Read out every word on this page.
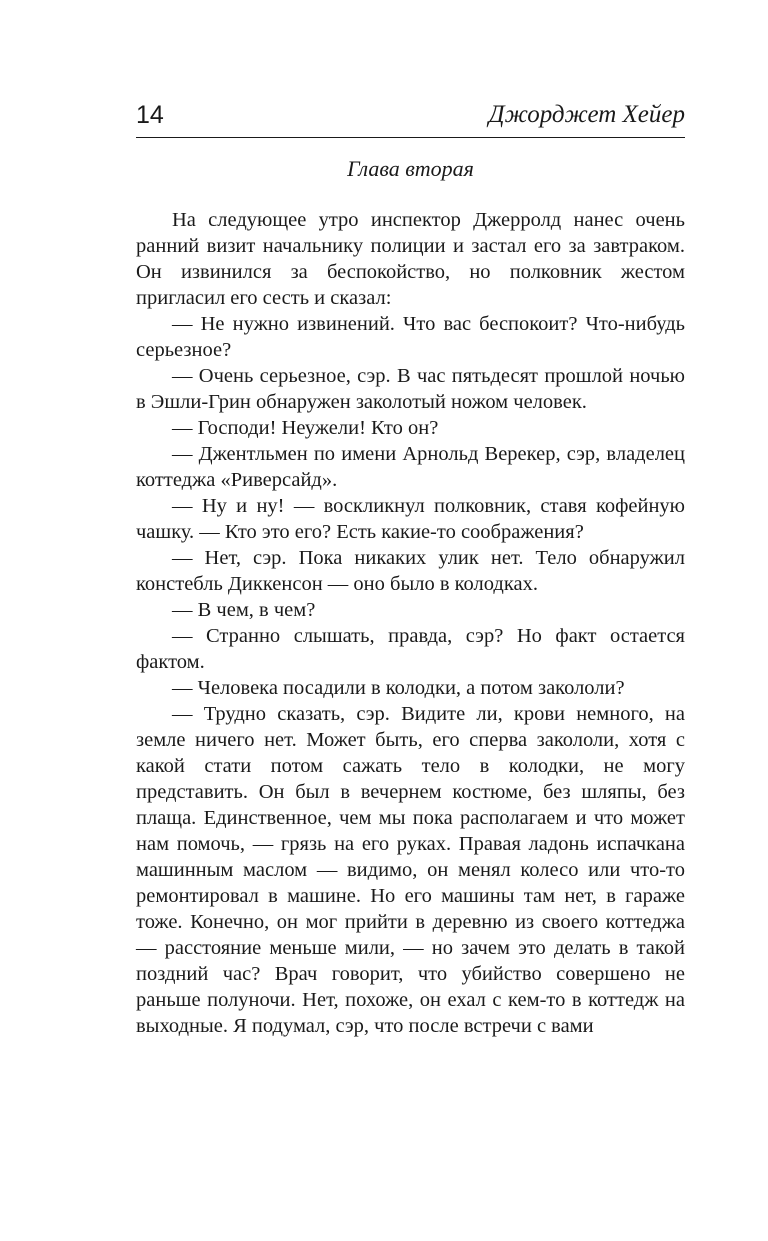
14	Джорджет Хейер
Глава вторая

На следующее утро инспектор Джерролд нанес очень ранний визит начальнику полиции и застал его за завтраком. Он извинился за беспокойство, но полковник жестом пригласил его сесть и сказал:

— Не нужно извинений. Что вас беспокоит? Что-нибудь серьезное?

— Очень серьезное, сэр. В час пятьдесят прошлой ночью в Эшли-Грин обнаружен заколотый ножом человек.

— Господи! Неужели! Кто он?

— Джентльмен по имени Арнольд Верекер, сэр, владелец коттеджа «Риверсайд».

— Ну и ну! — воскликнул полковник, ставя кофейную чашку. — Кто это его? Есть какие-то соображения?

— Нет, сэр. Пока никаких улик нет. Тело обнаружил констебль Диккенсон — оно было в колодках.

— В чем, в чем?

— Странно слышать, правда, сэр? Но факт остается фактом.

— Человека посадили в колодки, а потом закололи?

— Трудно сказать, сэр. Видите ли, крови немного, на земле ничего нет. Может быть, его сперва закололи, хотя с какой стати потом сажать тело в колодки, не могу представить. Он был в вечернем костюме, без шляпы, без плаща. Единственное, чем мы пока располагаем и что может нам помочь, — грязь на его руках. Правая ладонь испачкана машинным маслом — видимо, он менял колесо или что-то ремонтировал в машине. Но его машины там нет, в гараже тоже. Конечно, он мог прийти в деревню из своего коттеджа — расстояние меньше мили, — но зачем это делать в такой поздний час? Врач говорит, что убийство совершено не раньше полуночи. Нет, похоже, он ехал с кем-то в коттедж на выходные. Я подумал, сэр, что после встречи с вами
